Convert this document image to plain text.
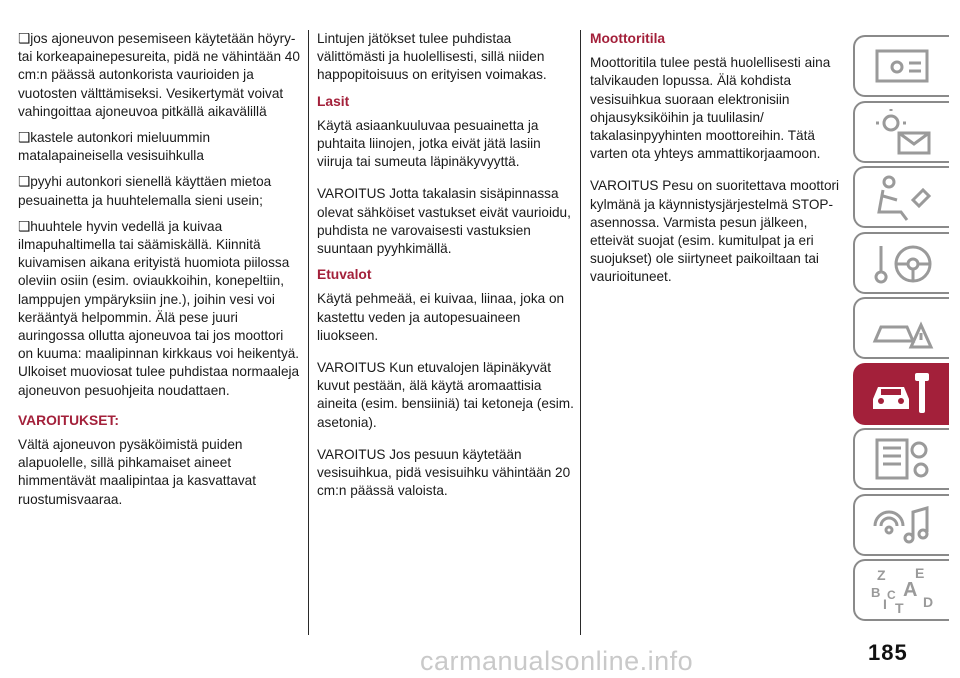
❑ jos ajoneuvon pesemiseen käytetään höyry- tai korkeapainepesureita, pidä ne vähintään 40 cm:n päässä autonkorista vaurioiden ja vuotosten välttämiseksi. Vesikertymät voivat vahingoittaa ajoneuvoa pitkällä aikavälillä

❑ kastele autonkori mieluummin matalapaineisella vesisuihkulla

❑ pyyhi autonkori sienellä käyttäen mietoa pesuainetta ja huuhtelemalla sieni usein;

❑ huuhtele hyvin vedellä ja kuivaa ilmapuhaltimella tai säämiskällä. Kiinnitä kuivamisen aikana erityistä huomiota piilossa oleviin osiin (esim. oviaukkoihin, konepeltiin, lamppujen ympäryksiin jne.), joihin vesi voi kerääntyä helpommin. Älä pese juuri auringossa ollutta ajoneuvoa tai jos moottori on kuuma: maalipinnan kirkkaus voi heikentyä.

Ulkoiset muoviosat tulee puhdistaa normaaleja ajoneuvon pesuohjeita noudattaen.

VAROITUKSET:

Vältä ajoneuvon pysäköimistä puiden alapuolelle, sillä pihkamaiset aineet himmentävät maalipintaa ja kasvattavat ruostumisvaaraa.

Lintujen jätökset tulee puhdistaa välittömästi ja huolellisesti, sillä niiden happopitoisuus on erityisen voimakas.

Lasit

Käytä asiaankuuluvaa pesuainetta ja puhtaita liinojen, jotka eivät jätä lasiin viiruja tai sumeuta läpinäkyvyyttä.

VAROITUS Jotta takalasin sisäpinnassa olevat sähköiset vastukset eivät vaurioidu, puhdista ne varovaisesti vastuksien suuntaan pyyhkimällä.

Etuvalot

Käytä pehmeää, ei kuivaa, liinaa, joka on kastettu veden ja autopesuaineen liuokseen.

VAROITUS Kun etuvalojen läpinäkyvät kuvut pestään, älä käytä aromaattisia aineita (esim. bensiiniä) tai ketoneja (esim. asetonia).

VAROITUS Jos pesuun käytetään vesisuihkua, pidä vesisuihku vähintään 20 cm:n päässä valoista.

Moottoritila

Moottoritila tulee pestä huolellisesti aina talvikauden lopussa. Älä kohdista vesisuihkua suoraan elektronisiin ohjausyksiköihin ja tuulilasin/ takalasinpyyhinten moottoreihin. Tätä varten ota yhteys ammattikorjaamoon.

VAROITUS Pesu on suoritettava moottori kylmänä ja käynnistysjärjestelmä STOP-asennossa. Varmista pesun jälkeen, etteivät suojat (esim. kumitulpat ja eri suojukset) ole siirtyneet paikoiltaan tai vaurioituneet.

Z E
B A
I
C
T D
carmanualsonline.info	185
